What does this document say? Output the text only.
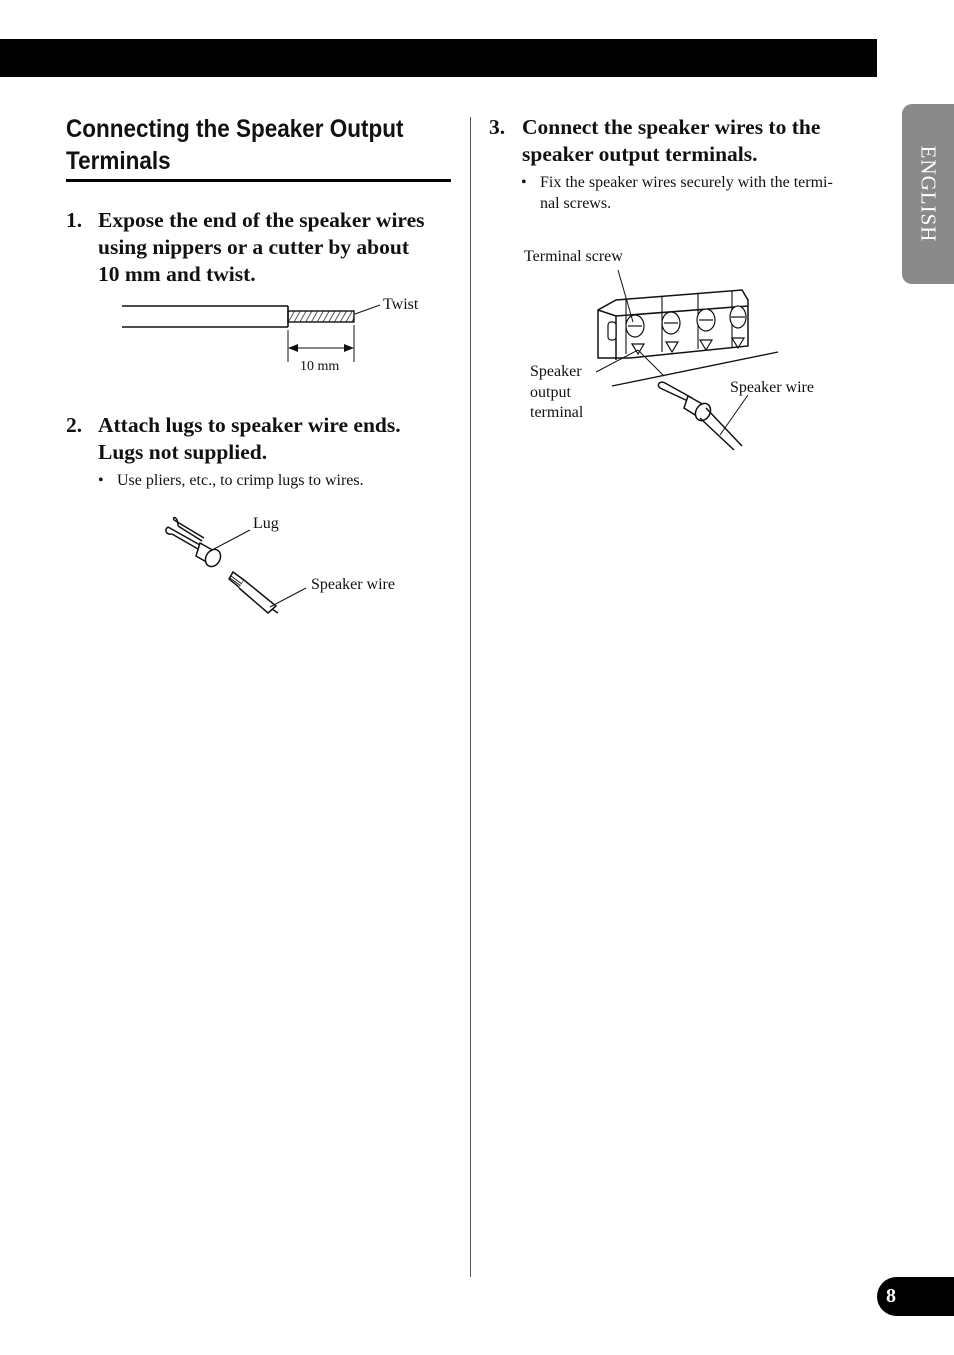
ENGLISH
Connecting the Speaker Output Terminals
1. Expose the end of the speaker wires
using nippers or a cutter by about
10 mm and twist.
Twist
10 mm
2. Attach lugs to speaker wire ends.
Lugs not supplied.
• Use pliers, etc., to crimp lugs to wires.
Lug
Speaker wire
3. Connect the speaker wires to the
speaker output terminals.
• Fix the speaker wires securely with the termi-
nal screws.
Terminal screw
Speaker
output
terminal
Speaker wire
8
